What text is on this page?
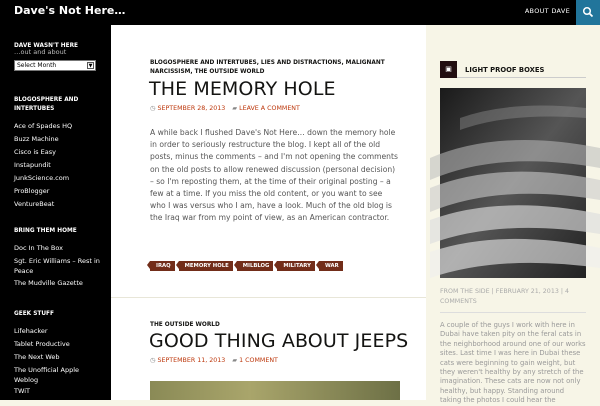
Dave's Not Here…	ABOUT DAVE
…out and about
DAVE WASN'T HERE
Select Month	▼
BLOGOSPHERE AND INTERTUBES
Ace of Spades HQ
Buzz Machine
Cisco is Easy
Instapundit
JunkScience.com
ProBlogger
VentureBeat
BRING THEM HOME
Doc In The Box
Sgt. Eric Williams – Rest in Peace
The Mudville Gazette
GEEK STUFF
Lifehacker
Tablet Productive
The Next Web
The Unofficial Apple Weblog
TWiT
BLOGOSPHERE AND INTERTUBES, LIES AND DISTRACTIONS, MALIGNANT NARCISSISM, THE OUTSIDE WORLD
THE MEMORY HOLE
◷ SEPTEMBER 28, 2013 ▰ LEAVE A COMMENT
A while back I flushed Dave's Not Here… down the memory hole in order to seriously restructure the blog. I kept all of the old posts, minus the comments – and I'm not opening the comments on the old posts to allow renewed discussion (personal decision) – so I'm reposting them, at the time of their original posting – a few at a time. If you miss the old content, or you want to see who I was versus who I am, have a look. Much of the old blog is the Iraq war from my point of view, as an American contractor.
IRAQ	MEMORY HOLE	MILBLOG	MILITARY	WAR
THE OUTSIDE WORLD
GOOD THING ABOUT JEEPS
◷ SEPTEMBER 11, 2013 ▰ 1 COMMENT
▣	LIGHT PROOF BOXES
FROM THE SIDE | FEBRUARY 21, 2013 | 4 COMMENTS
A couple of the guys I work with here in Dubai have taken pity on the feral cats in the neighborhood around one of our works sites. Last time I was here in Dubai these cats were beginning to gain weight, but they weren't healthy by any stretch of the imagination. These cats are now not only healthy, but happy. Standing around taking the photos I could hear the
